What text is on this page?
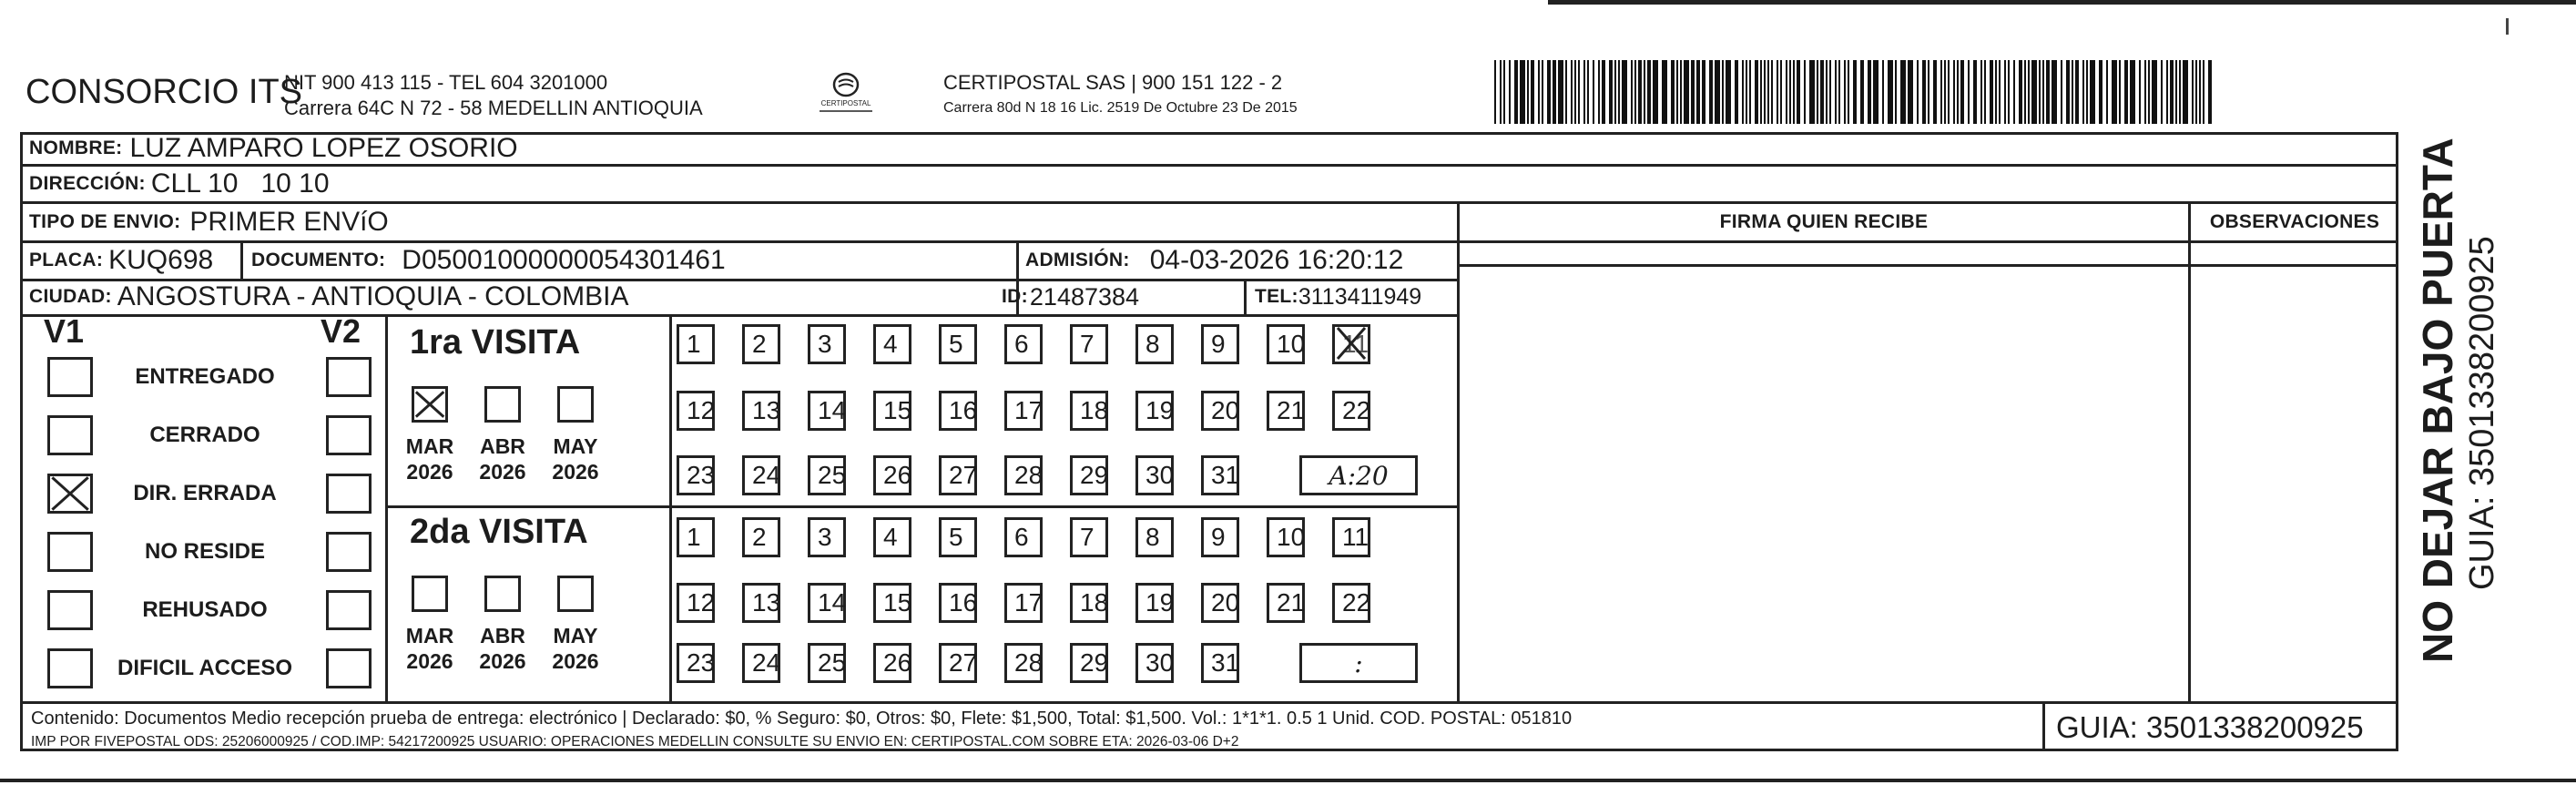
CONSORCIO ITS
NIT 900 413 115 - TEL 604 3201000
Carrera 64C N 72 - 58 MEDELLIN ANTIOQUIA	CERTIPOSTAL
CERTIPOSTAL SAS | 900 151 122 - 2
Carrera 80d N 18 16 Lic. 2519 De Octubre 23 De 2015
NOMBRE: LUZ AMPARO LOPEZ OSORIO
DIRECCIÓN: CLL 10   10 10
TIPO DE ENVIO: PRIMER ENVíO	FIRMA QUIEN RECIBE	OBSERVACIONES
PLACA: KUQ698 DOCUMENTO: D05001000000054301461	ADMISIÓN: 04-03-2026 16:20:12
CIUDAD: ANGOSTURA - ANTIOQUIA - COLOMBIA	ID: 21487384	TEL: 3113411949
V1	V2
ENTREGADO
CERRADO
DIR. ERRADA
NO RESIDE
REHUSADO
DIFICIL ACCESO
1ra VISITA
MAR
2026
ABR
2026
MAY
2026
1	2	3	4	5	6	7	8	9	10	11
12	13	14	15	16	17	18	19	20	21	22
23	24	25	26	27	28	29	30	31	A:20
2da VISITA
MAR
2026
ABR
2026
MAY
2026
1	2	3	4	5	6	7	8	9	10	11
12	13	14	15	16	17	18	19	20	21	22
23	24	25	26	27	28	29	30	31	:
Contenido: Documentos Medio recepción prueba de entrega: electrónico | Declarado: $0, % Seguro: $0, Otros: $0, Flete: $1,500, Total: $1,500. Vol.: 1*1*1. 0.5 1 Unid. COD. POSTAL: 051810
IMP POR FIVEPOSTAL ODS: 25206000925 / COD.IMP: 54217200925 USUARIO: OPERACIONES MEDELLIN CONSULTE SU ENVIO EN: CERTIPOSTAL.COM SOBRE ETA: 2026-03-06 D+2	GUIA: 3501338200925
NO DEJAR BAJO PUERTA GUIA: 3501338200925
